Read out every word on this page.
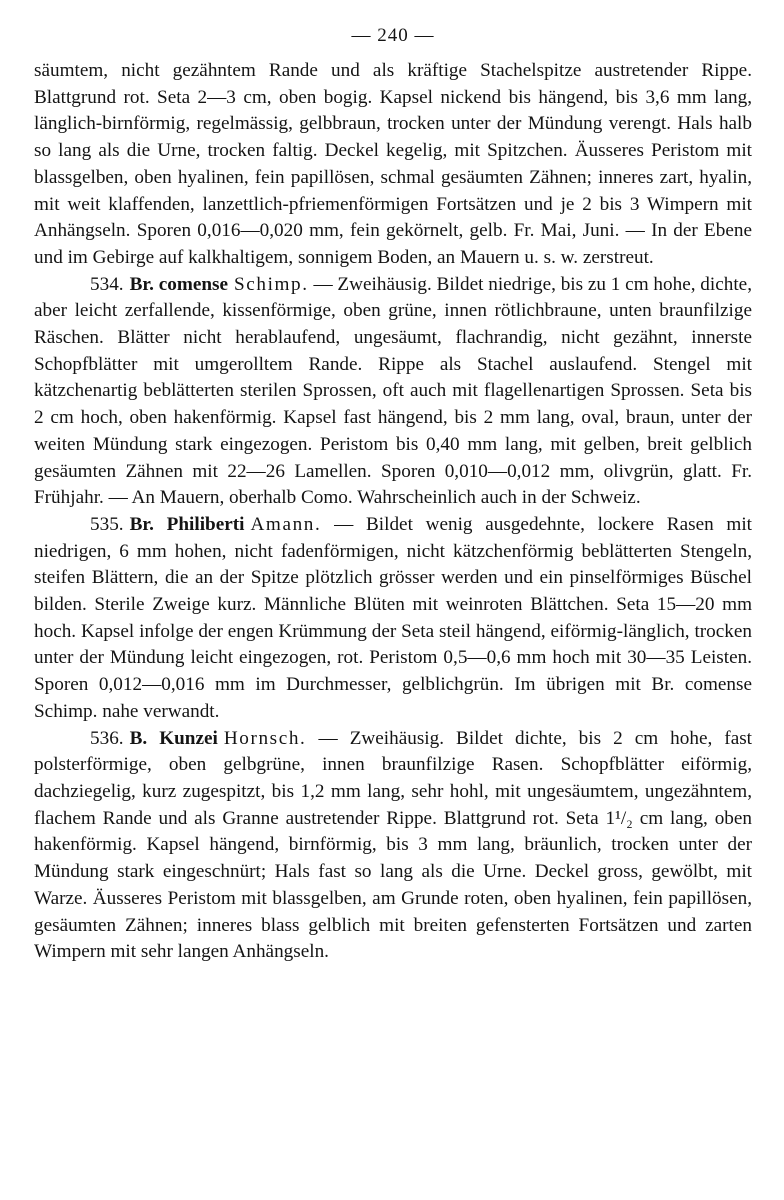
— 240 —

säumtem, nicht gezähntem Rande und als kräftige Stachelspitze austretender Rippe. Blattgrund rot. Seta 2—3 cm, oben bogig. Kapsel nickend bis hängend, bis 3,6 mm lang, länglich-birnförmig, regelmässig, gelbbraun, trocken unter der Mündung verengt. Hals halb so lang als die Urne, trocken faltig. Deckel kegelig, mit Spitzchen. Äusseres Peristom mit blassgelben, oben hyalinen, fein papillösen, schmal gesäumten Zähnen; inneres zart, hyalin, mit weit klaffenden, lanzettlich-pfriemenförmigen Fortsätzen und je 2 bis 3 Wimpern mit Anhängseln. Sporen 0,016—0,020 mm, fein gekörnelt, gelb. Fr. Mai, Juni. — In der Ebene und im Gebirge auf kalkhaltigem, sonnigem Boden, an Mauern u. s. w. zerstreut.

534. Br. comense Schimp. — Zweihäusig. Bildet niedrige, bis zu 1 cm hohe, dichte, aber leicht zerfallende, kissenförmige, oben grüne, innen rötlichbraune, unten braunfilzige Räschen. Blätter nicht herablaufend, ungesäumt, flachrandig, nicht gezähnt, innerste Schopfblätter mit umgerolltem Rande. Rippe als Stachel auslaufend. Stengel mit kätzchenartig beblätterten sterilen Sprossen, oft auch mit flagellenartigen Sprossen. Seta bis 2 cm hoch, oben hakenförmig. Kapsel fast hängend, bis 2 mm lang, oval, braun, unter der weiten Mündung stark eingezogen. Peristom bis 0,40 mm lang, mit gelben, breit gelblich gesäumten Zähnen mit 22—26 Lamellen. Sporen 0,010—0,012 mm, olivgrün, glatt. Fr. Frühjahr. — An Mauern, oberhalb Como. Wahrscheinlich auch in der Schweiz.

535. Br. Philiberti Amann. — Bildet wenig ausgedehnte, lockere Rasen mit niedrigen, 6 mm hohen, nicht fadenförmigen, nicht kätzchenförmig beblätterten Stengeln, steifen Blättern, die an der Spitze plötzlich grösser werden und ein pinselförmiges Büschel bilden. Sterile Zweige kurz. Männliche Blüten mit weinroten Blättchen. Seta 15—20 mm hoch. Kapsel infolge der engen Krümmung der Seta steil hängend, eiförmig-länglich, trocken unter der Mündung leicht eingezogen, rot. Peristom 0,5—0,6 mm hoch mit 30—35 Leisten. Sporen 0,012—0,016 mm im Durchmesser, gelblichgrün. Im übrigen mit Br. comense Schimp. nahe verwandt.

536. B. Kunzei Hornsch. — Zweihäusig. Bildet dichte, bis 2 cm hohe, fast polsterförmige, oben gelbgrüne, innen braunfilzige Rasen. Schopfblätter eiförmig, dachziegelig, kurz zugespitzt, bis 1,2 mm lang, sehr hohl, mit ungesäumtem, ungezähntem, flachem Rande und als Granne austretender Rippe. Blattgrund rot. Seta 1¹/₂ cm lang, oben hakenförmig. Kapsel hängend, birnförmig, bis 3 mm lang, bräunlich, trocken unter der Mündung stark eingeschnürt; Hals fast so lang als die Urne. Deckel gross, gewölbt, mit Warze. Äusseres Peristom mit blassgelben, am Grunde roten, oben hyalinen, fein papillösen, gesäumten Zähnen; inneres blass gelblich mit breiten gefensterten Fortsätzen und zarten Wimpern mit sehr langen Anhängseln.
